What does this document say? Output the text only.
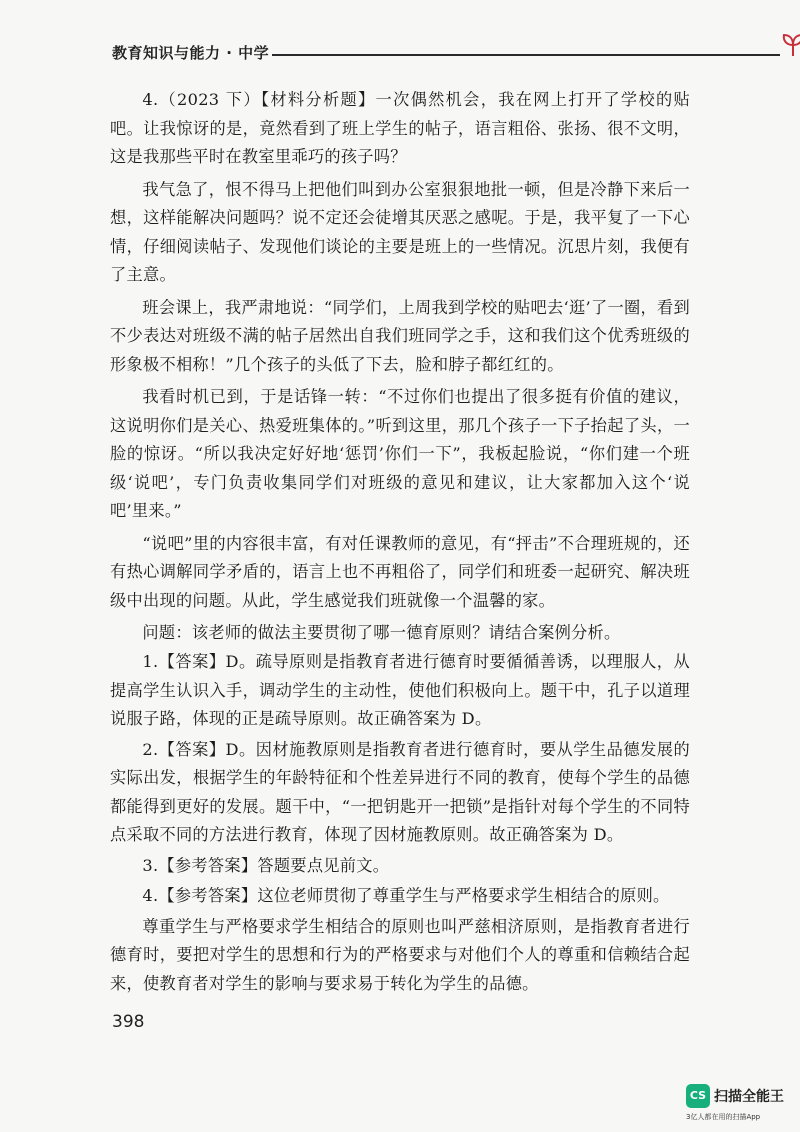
教育知识与能力 · 中学

4.（2023 下）【材料分析题】一次偶然机会，我在网上打开了学校的贴吧。让我惊讶的是，竟然看到了班上学生的帖子，语言粗俗、张扬、很不文明，这是我那些平时在教室里乖巧的孩子吗？

我气急了，恨不得马上把他们叫到办公室狠狠地批一顿，但是冷静下来后一想，这样能解决问题吗？说不定还会徒增其厌恶之感呢。于是，我平复了一下心情，仔细阅读帖子、发现他们谈论的主要是班上的一些情况。沉思片刻，我便有了主意。

班会课上，我严肃地说：“同学们，上周我到学校的贴吧去‘逛’了一圈，看到不少表达对班级不满的帖子居然出自我们班同学之手，这和我们这个优秀班级的形象极不相称！”几个孩子的头低了下去，脸和脖子都红红的。

我看时机已到，于是话锋一转：“不过你们也提出了很多挺有价值的建议，这说明你们是关心、热爱班集体的。”听到这里，那几个孩子一下子抬起了头，一脸的惊讶。“所以我决定好好地‘惩罚’你们一下”，我板起脸说，“你们建一个班级‘说吧’，专门负责收集同学们对班级的意见和建议，让大家都加入这个‘说吧’里来。”

“说吧”里的内容很丰富，有对任课教师的意见，有“抨击”不合理班规的，还有热心调解同学矛盾的，语言上也不再粗俗了，同学们和班委一起研究、解决班级中出现的问题。从此，学生感觉我们班就像一个温馨的家。

问题：该老师的做法主要贯彻了哪一德育原则？请结合案例分析。

1.【答案】D。疏导原则是指教育者进行德育时要循循善诱，以理服人，从提高学生认识入手，调动学生的主动性，使他们积极向上。题干中，孔子以道理说服子路，体现的正是疏导原则。故正确答案为 D。

2.【答案】D。因材施教原则是指教育者进行德育时，要从学生品德发展的实际出发，根据学生的年龄特征和个性差异进行不同的教育，使每个学生的品德都能得到更好的发展。题干中，“一把钥匙开一把锁”是指针对每个学生的不同特点采取不同的方法进行教育，体现了因材施教原则。故正确答案为 D。

3.【参考答案】答题要点见前文。

4.【参考答案】这位老师贯彻了尊重学生与严格要求学生相结合的原则。

尊重学生与严格要求学生相结合的原则也叫严慈相济原则，是指教育者进行德育时，要把对学生的思想和行为的严格要求与对他们个人的尊重和信赖结合起来，使教育者对学生的影响与要求易于转化为学生的品德。

398
CS 扫描全能王
3亿人都在用的扫描App
